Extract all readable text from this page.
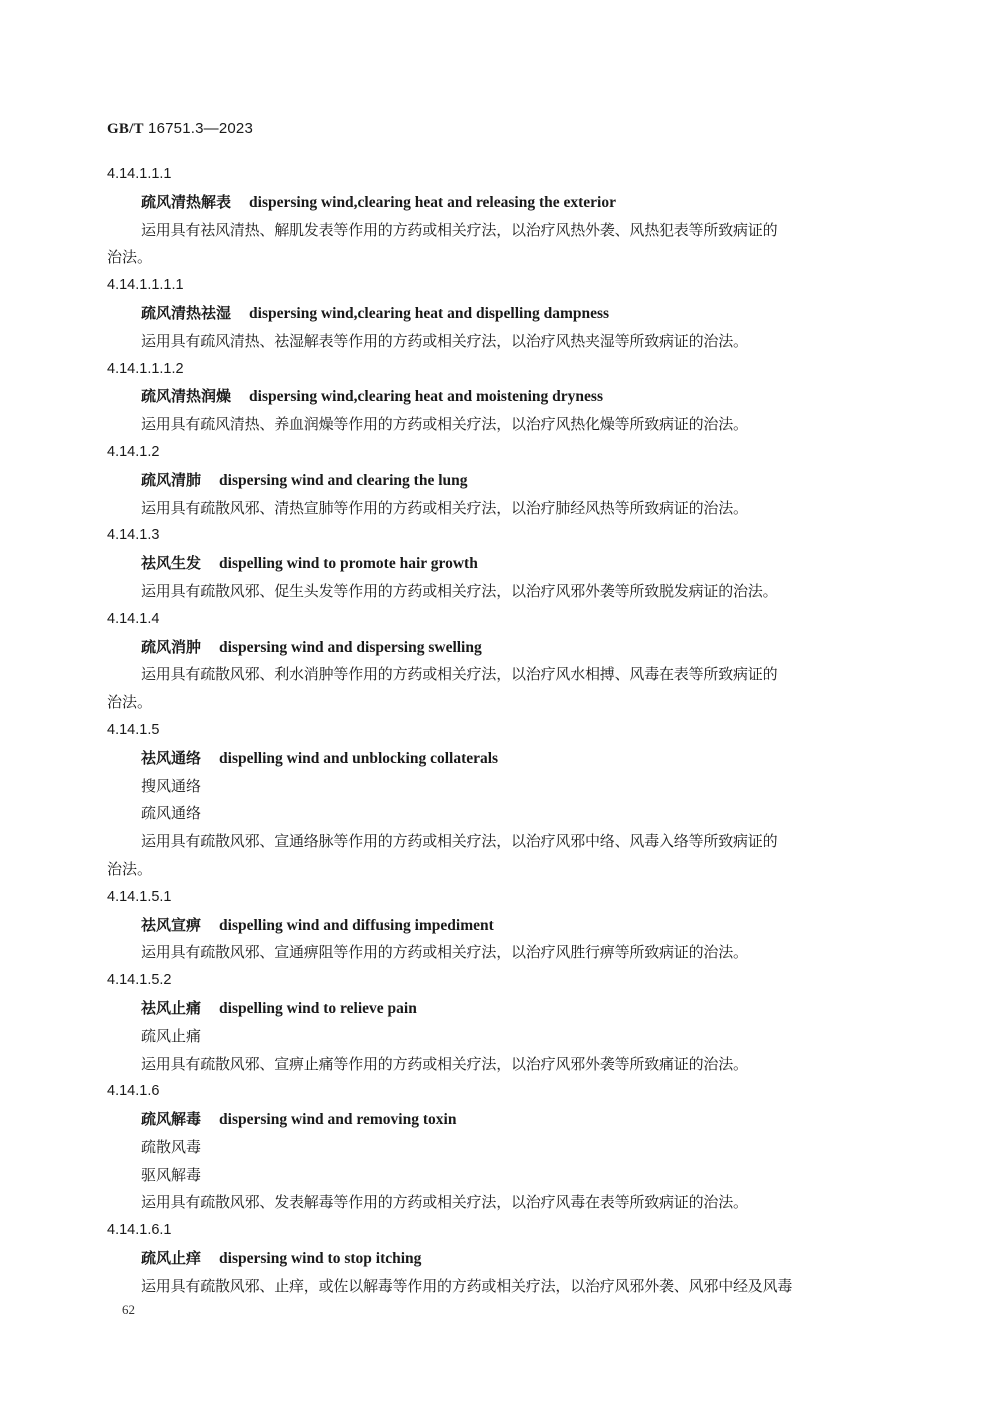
GB/T 16751.3—2023
4.14.1.1.1
疏风清热解表 dispersing wind,clearing heat and releasing the exterior
运用具有祛风清热、解肌发表等作用的方药或相关疗法，以治疗风热外袭、风热犯表等所致病证的
治法。
4.14.1.1.1.1
疏风清热祛湿 dispersing wind,clearing heat and dispelling dampness
运用具有疏风清热、祛湿解表等作用的方药或相关疗法，以治疗风热夹湿等所致病证的治法。
4.14.1.1.1.2
疏风清热润燥 dispersing wind,clearing heat and moistening dryness
运用具有疏风清热、养血润燥等作用的方药或相关疗法，以治疗风热化燥等所致病证的治法。
4.14.1.2
疏风清肺 dispersing wind and clearing the lung
运用具有疏散风邪、清热宣肺等作用的方药或相关疗法，以治疗肺经风热等所致病证的治法。
4.14.1.3
祛风生发 dispelling wind to promote hair growth
运用具有疏散风邪、促生头发等作用的方药或相关疗法，以治疗风邪外袭等所致脱发病证的治法。
4.14.1.4
疏风消肿 dispersing wind and dispersing swelling
运用具有疏散风邪、利水消肿等作用的方药或相关疗法，以治疗风水相搏、风毒在表等所致病证的
治法。
4.14.1.5
祛风通络 dispelling wind and unblocking collaterals
搜风通络
疏风通络
运用具有疏散风邪、宣通络脉等作用的方药或相关疗法，以治疗风邪中络、风毒入络等所致病证的
治法。
4.14.1.5.1
祛风宣痹 dispelling wind and diffusing impediment
运用具有疏散风邪、宣通痹阻等作用的方药或相关疗法，以治疗风胜行痹等所致病证的治法。
4.14.1.5.2
祛风止痛 dispelling wind to relieve pain
疏风止痛
运用具有疏散风邪、宣痹止痛等作用的方药或相关疗法，以治疗风邪外袭等所致痛证的治法。
4.14.1.6
疏风解毒 dispersing wind and removing toxin
疏散风毒
驱风解毒
运用具有疏散风邪、发表解毒等作用的方药或相关疗法，以治疗风毒在表等所致病证的治法。
4.14.1.6.1
疏风止痒 dispersing wind to stop itching
运用具有疏散风邪、止痒，或佐以解毒等作用的方药或相关疗法，以治疗风邪外袭、风邪中经及风毒
62
